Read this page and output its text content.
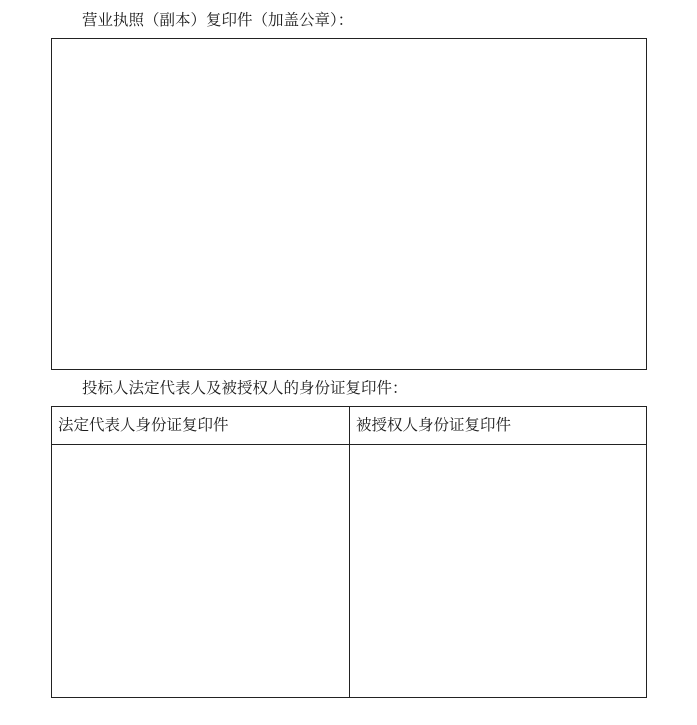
营业执照（副本）复印件（加盖公章）：
投标人法定代表人及被授权人的身份证复印件：
法定代表人身份证复印件	被授权人身份证复印件
